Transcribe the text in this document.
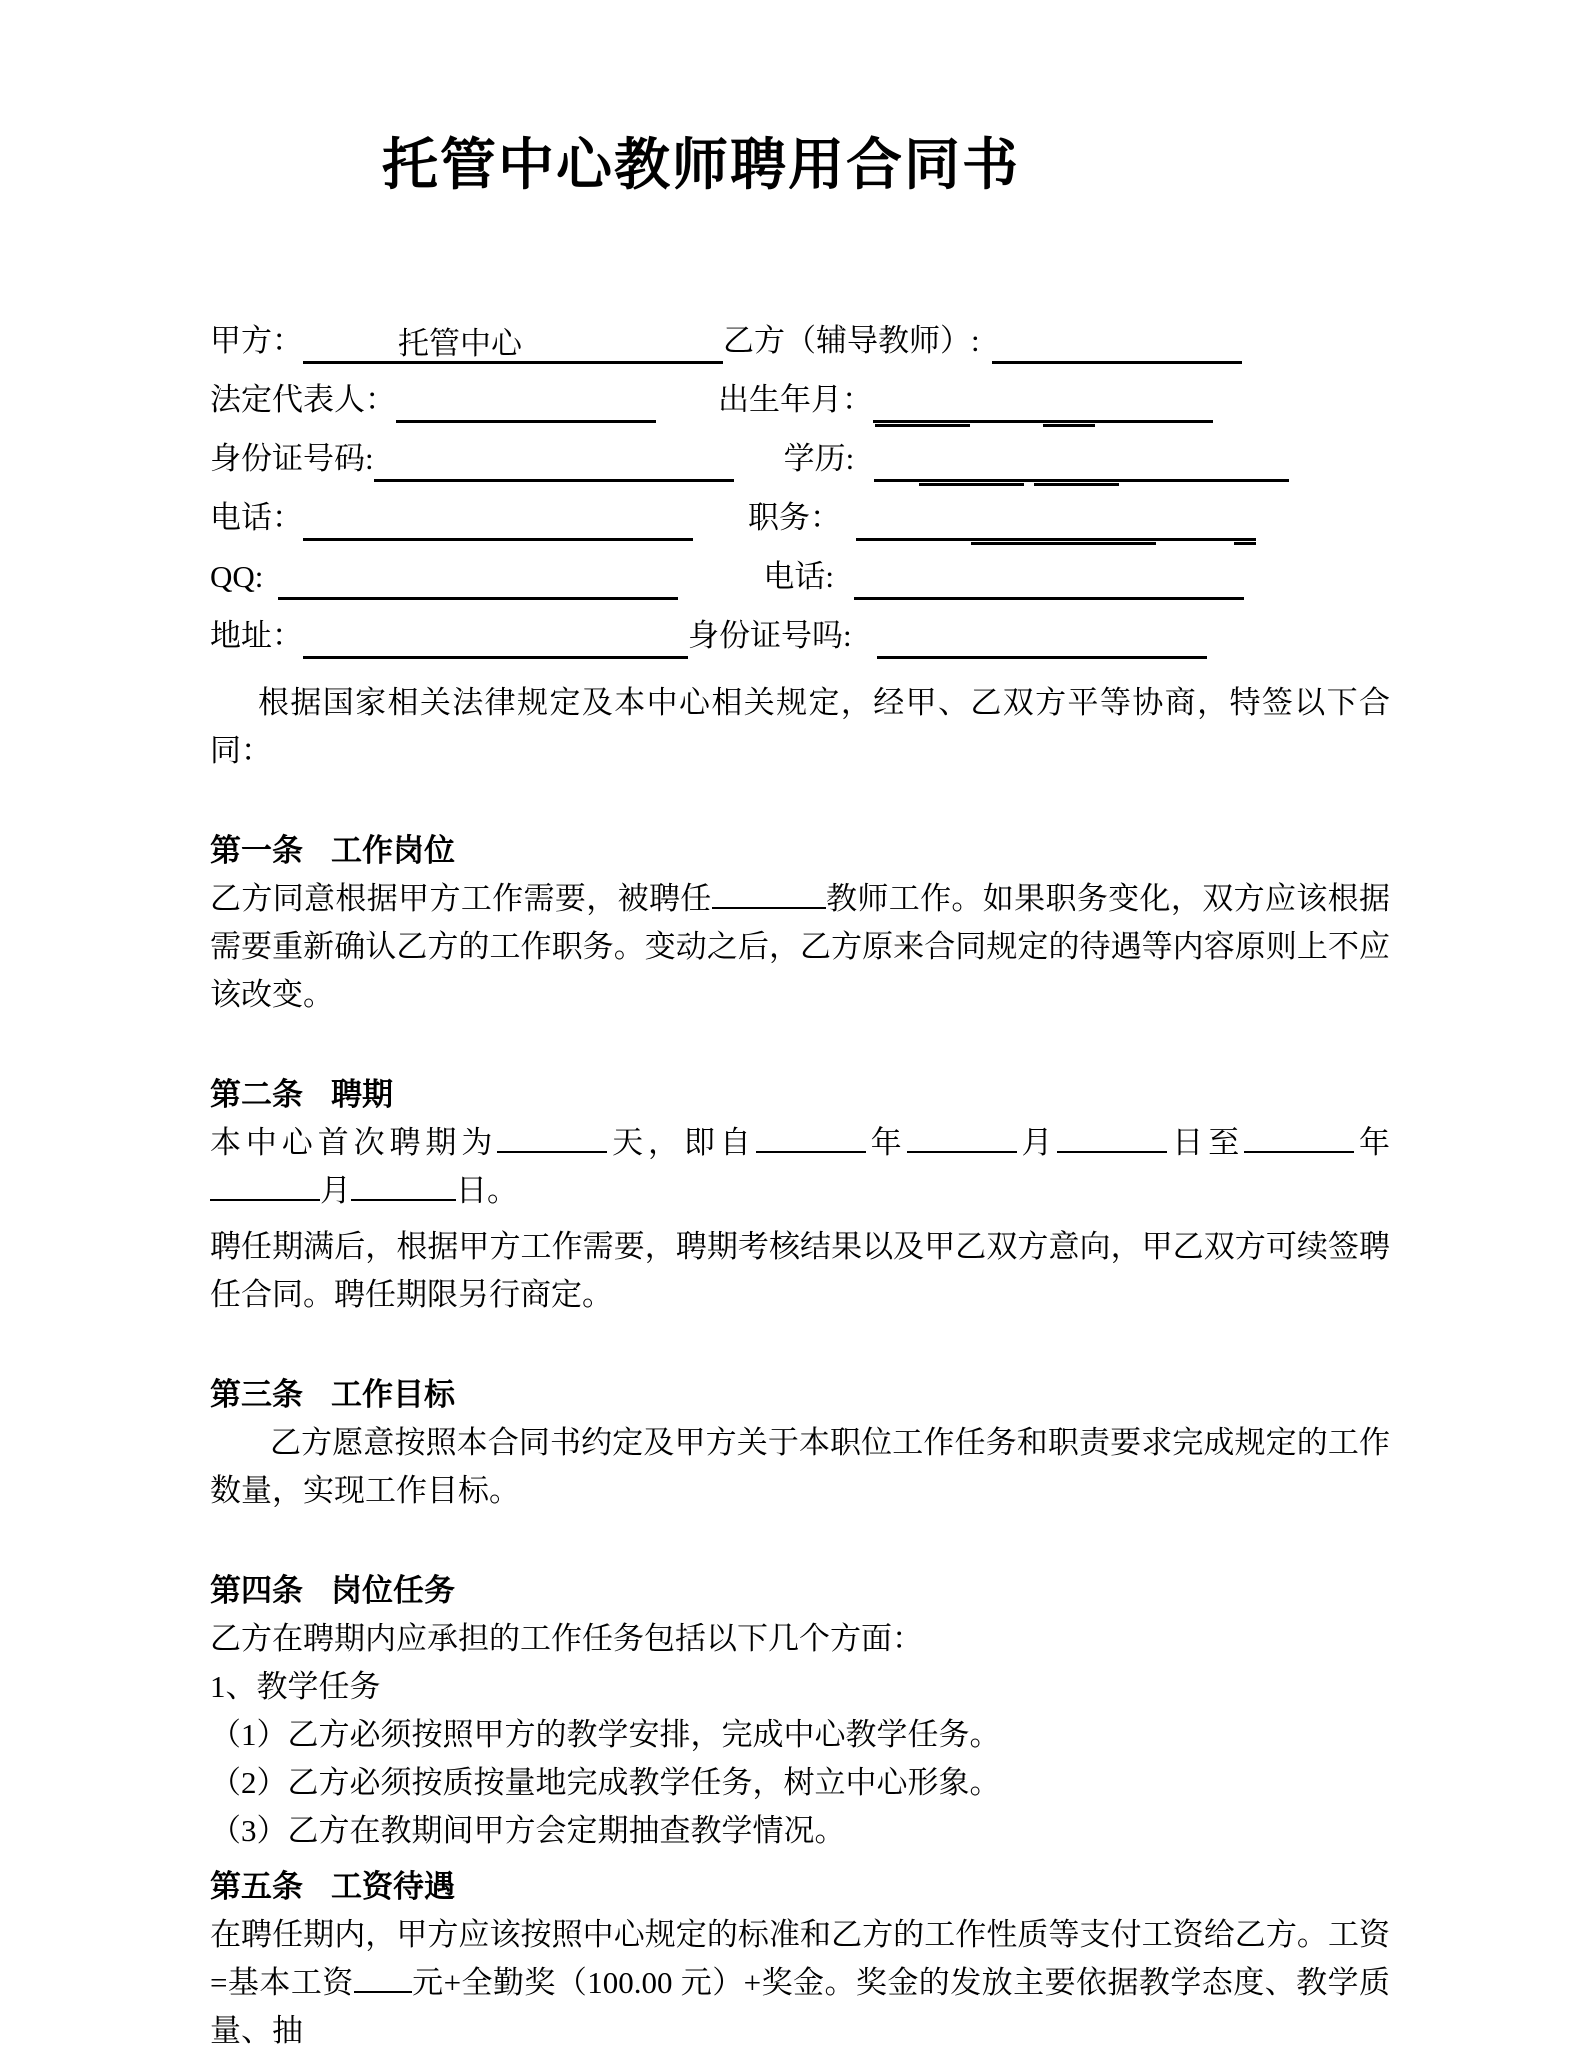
托管中心教师聘用合同书
甲方：	托管中心	乙方（辅导教师）:
法定代表人：	出生年月：
身份证号码:	学历:
电话：	职务：
QQ:	电话:
地址：	身份证号吗:

根据国家相关法律规定及本中心相关规定，经甲、乙双方平等协商，特签以下合同：

第一条 工作岗位

乙方同意根据甲方工作需要，被聘任	教师工作。如果职务变化，双方应该根据需要重新确认乙方的工作职务。变动之后，乙方原来合同规定的待遇等内容原则上不应该改变。

第二条 聘期

本中心首次聘期为	天，即自	年	月	日至	年月	日。

聘任期满后，根据甲方工作需要，聘期考核结果以及甲乙双方意向，甲乙双方可续签聘任合同。聘任期限另行商定。

第三条 工作目标

乙方愿意按照本合同书约定及甲方关于本职位工作任务和职责要求完成规定的工作数量，实现工作目标。

第四条 岗位任务

乙方在聘期内应承担的工作任务包括以下几个方面：

1、教学任务

（1）乙方必须按照甲方的教学安排，完成中心教学任务。

（2）乙方必须按质按量地完成教学任务，树立中心形象。

（3）乙方在教期间甲方会定期抽查教学情况。

第五条 工资待遇

在聘任期内，甲方应该按照中心规定的标准和乙方的工作性质等支付工资给乙方。工资=基本工资 元+全勤奖（100.00 元）+奖金。奖金的发放主要依据教学态度、教学质量、抽
